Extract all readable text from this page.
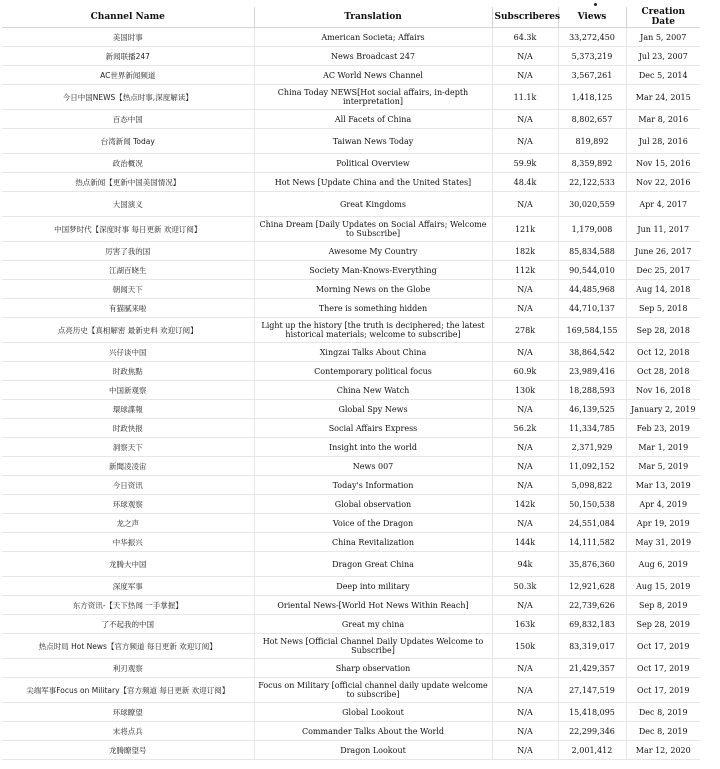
Channel Name	Translation	Subscriberes	Views	Creation Date
美国时事	American Societa; Affairs	64.3k	33,272,450	Jan 5, 2007
新闻联播247	News Broadcast 247	N/A	5,373,219	Jul 23, 2007
AC世界新闻频道	AC World News Channel	N/A	3,567,261	Dec 5, 2014
今日中国NEWS【热点时事,深度解读】	China Today NEWS[Hot social affairs, in-depth interpretation]	11.1k	1,418,125	Mar 24, 2015
百态中国	All Facets of China	N/A	8,802,657	Mar 8, 2016
台湾新闻 Today	Taiwan News Today	N/A	819,892	Jul 28, 2016
政治概况	Political Overview	59.9k	8,359,892	Nov 15, 2016
热点新闻【更新中国美国情况】	Hot News [Update China and the United States]	48.4k	22,122,533	Nov 22, 2016
大国演义	Great Kingdoms	N/A	30,020,559	Apr 4, 2017
中国梦时代【深度时事 每日更新 欢迎订阅】	China Dream [Daily Updates on Social Affairs; Welcome to Subscribe]	121k	1,179,008	Jun 11, 2017
厉害了我的国	Awesome My Country	182k	85,834,588	June 26, 2017
江湖百晓生	Society Man-Knows-Everything	112k	90,544,010	Dec 25, 2017
朝闻天下	Morning News on the Globe	N/A	44,485,968	Aug 14, 2018
有猫腻来啦	There is something hidden	N/A	44,710,137	Sep 5, 2018
点亮历史【真相解密 最新史料 欢迎订阅】	Light up the history [the truth is deciphered; the latest historical materials; welcome to subscribe]	278k	169,584,155	Sep 28, 2018
兴仔谈中国	Xingzai Talks About China	N/A	38,864,542	Oct 12, 2018
时政焦點	Contemporary political focus	60.9k	23,989,416	Oct 28, 2018
中国新观察	China New Watch	130k	18,288,593	Nov 16, 2018
環球諜報	Global Spy News	N/A	46,139,525	January 2, 2019
时政快报	Social Affairs Express	56.2k	11,334,785	Feb 23, 2019
洞察天下	Insight into the world	N/A	2,371,929	Mar 1, 2019
新聞凌凌宙	News 007	N/A	11,092,152	Mar 5, 2019
今日资讯	Today's Information	N/A	5,098,822	Mar 13, 2019
环球观察	Global observation	142k	50,150,538	Apr 4, 2019
龙之声	Voice of the Dragon	N/A	24,551,084	Apr 19, 2019
中华振兴	China Revitalization	144k	14,111,582	May 31, 2019
龙腾大中国	Dragon Great China	94k	35,876,360	Aug 6, 2019
深度军事	Deep into military	50.3k	12,921,628	Aug 15, 2019
东方资讯-【天下热闻 一手掌握】	Oriental News-[World Hot News Within Reach]	N/A	22,739,626	Sep 8, 2019
了不起我的中国	Great my china	163k	69,832,183	Sep 28, 2019
热点时局 Hot News【官方频道 每日更新 欢迎订阅】	Hot News [Official Channel Daily Updates Welcome to Subscribe]	150k	83,319,017	Oct 17, 2019
利刃观察	Sharp observation	N/A	21,429,357	Oct 17, 2019
尖端军事Focus on Military【官方频道 每日更新 欢迎订阅】	Focus on Military [official channel daily update welcome to subscribe]	N/A	27,147,519	Oct 17, 2019
环球瞭望	Global Lookout	N/A	15,418,095	Dec 8, 2019
末将点兵	Commander Talks About the World	N/A	22,299,346	Dec 8, 2019
龙腾瞭望号	Dragon Lookout	N/A	2,001,412	Mar 12, 2020
